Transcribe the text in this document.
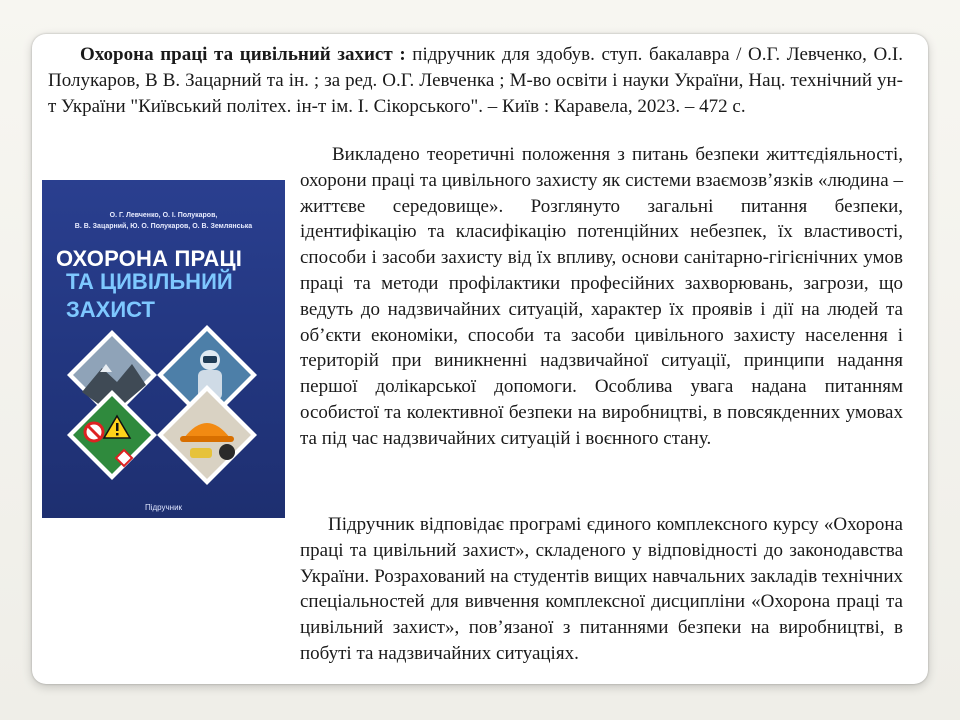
Охорона праці та цивільний захист : підручник для здобув. ступ. бакалавра / О.Г. Левченко, О.І. Полукаров, В В. Зацарний та ін. ; за ред. О.Г. Левченка ; М-во освіти і науки України, Нац. технічний ун-т України "Київський політех. ін-т ім. І. Сікорського". – Київ : Каравела, 2023. – 472 с.

О. Г. Левченко, О. І. Полукаров,
В. В. Зацарний, Ю. О. Полукаров, О. В. Землянська
ОХОРОНА ПРАЦІ
ТА ЦИВІЛЬНИЙ ЗАХИСТ
Підручник

Викладено теоретичні положення з питань безпеки життєдіяльності, охорони праці та цивільного захисту як системи взаємозв’язків «людина – життєве середовище». Розглянуто загальні питання безпеки, ідентифікацію та класифікацію потенційних небезпек, їх властивості, способи і засоби захисту від їх впливу, основи санітарно-гігієнічних умов праці та методи профілактики професійних захворювань, загрози, що ведуть до надзвичайних ситуацій, характер їх проявів і дії на людей та об’єкти економіки, способи та засоби цивільного захисту населення і територій при виникненні надзвичайної ситуації, принципи надання першої долікарської допомоги. Особлива увага надана питанням особистої та колективної безпеки на виробництві, в повсякденних умовах та під час надзвичайних ситуацій і воєнного стану.

Підручник відповідає програмі єдиного комплексного курсу «Охорона праці та цивільний захист», складеного у відповідності до законодавства України. Розрахований на студентів вищих навчальних закладів технічних спеціальностей для вивчення комплексної дисципліни «Охорона праці та цивільний захист», пов’язаної з питаннями безпеки на виробництві, в побуті та надзвичайних ситуаціях.
